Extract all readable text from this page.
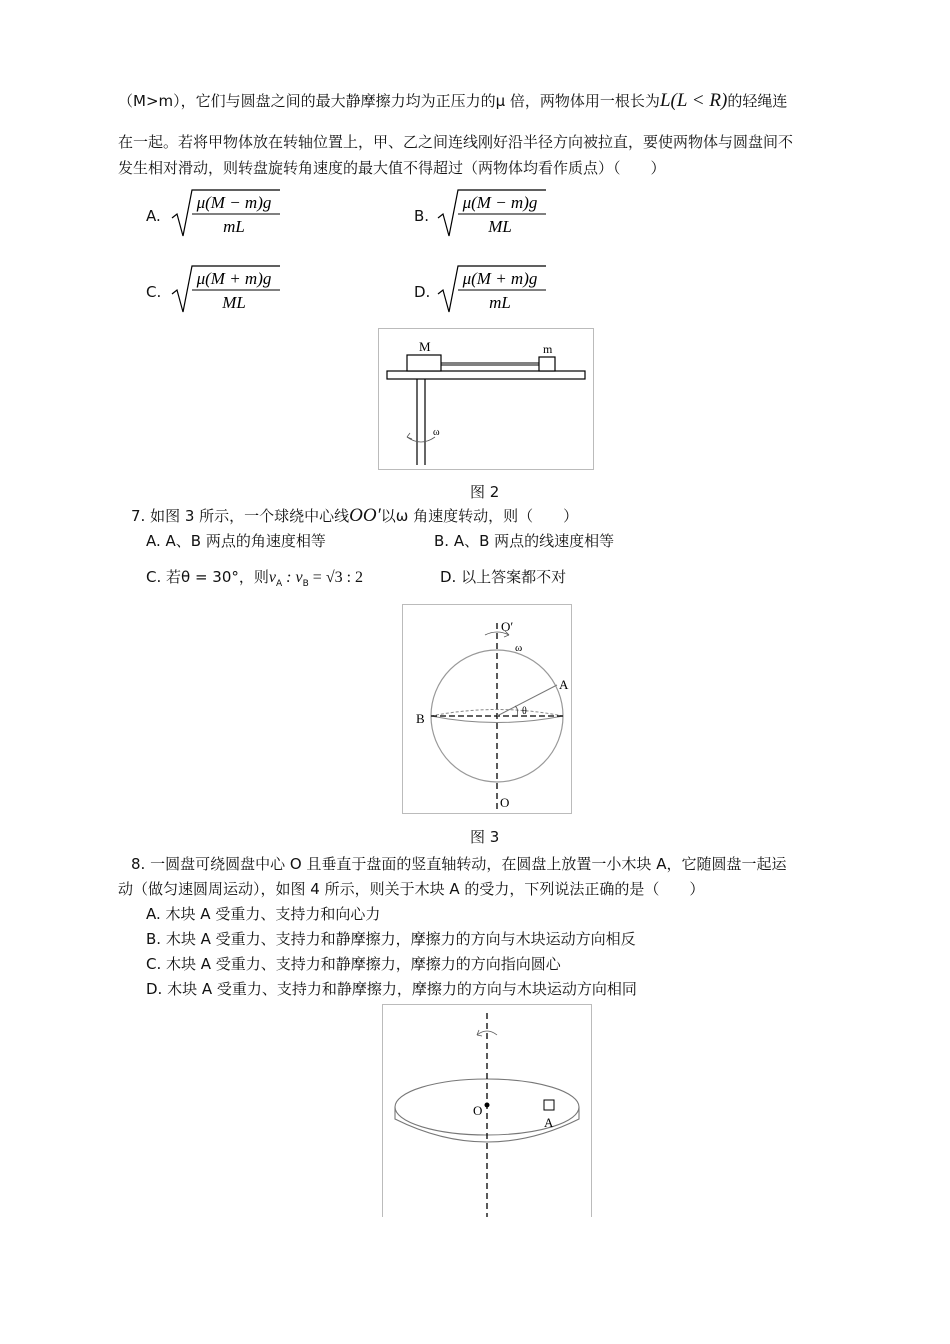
（M>m），它们与圆盘之间的最大静摩擦力均为正压力的μ 倍，两物体用一根长为L(L < R)的轻绳连
在一起。若将甲物体放在转轴位置上，甲、乙之间连线刚好沿半径方向被拉直，要使两物体与圆盘间不
发生相对滑动，则转盘旋转角速度的最大值不得超过（两物体均看作质点）（　　）
A.
μ(M − m)g
mL
B.
μ(M − m)g
ML
C.
μ(M + m)g
ML
D.
μ(M + m)g
mL
M	m
ω
图 2
7. 如图 3 所示，一个球绕中心线OO′以ω 角速度转动，则（　　）
A. A、B 两点的角速度相等	B. A、B 两点的线速度相等
C. 若θ = 30°，则$v_A$ : $v_B = √3$ : 2	D. 以上答案都不对
O′
ω
A
B	θ
O
图 3
8. 一圆盘可绕圆盘中心 O 且垂直于盘面的竖直轴转动，在圆盘上放置一小木块 A，它随圆盘一起运
动（做匀速圆周运动），如图 4 所示，则关于木块 A 的受力，下列说法正确的是（　　）
A. 木块 A 受重力、支持力和向心力
B. 木块 A 受重力、支持力和静摩擦力，摩擦力的方向与木块运动方向相反
C. 木块 A 受重力、支持力和静摩擦力，摩擦力的方向指向圆心
D. 木块 A 受重力、支持力和静摩擦力，摩擦力的方向与木块运动方向相同
O
A
